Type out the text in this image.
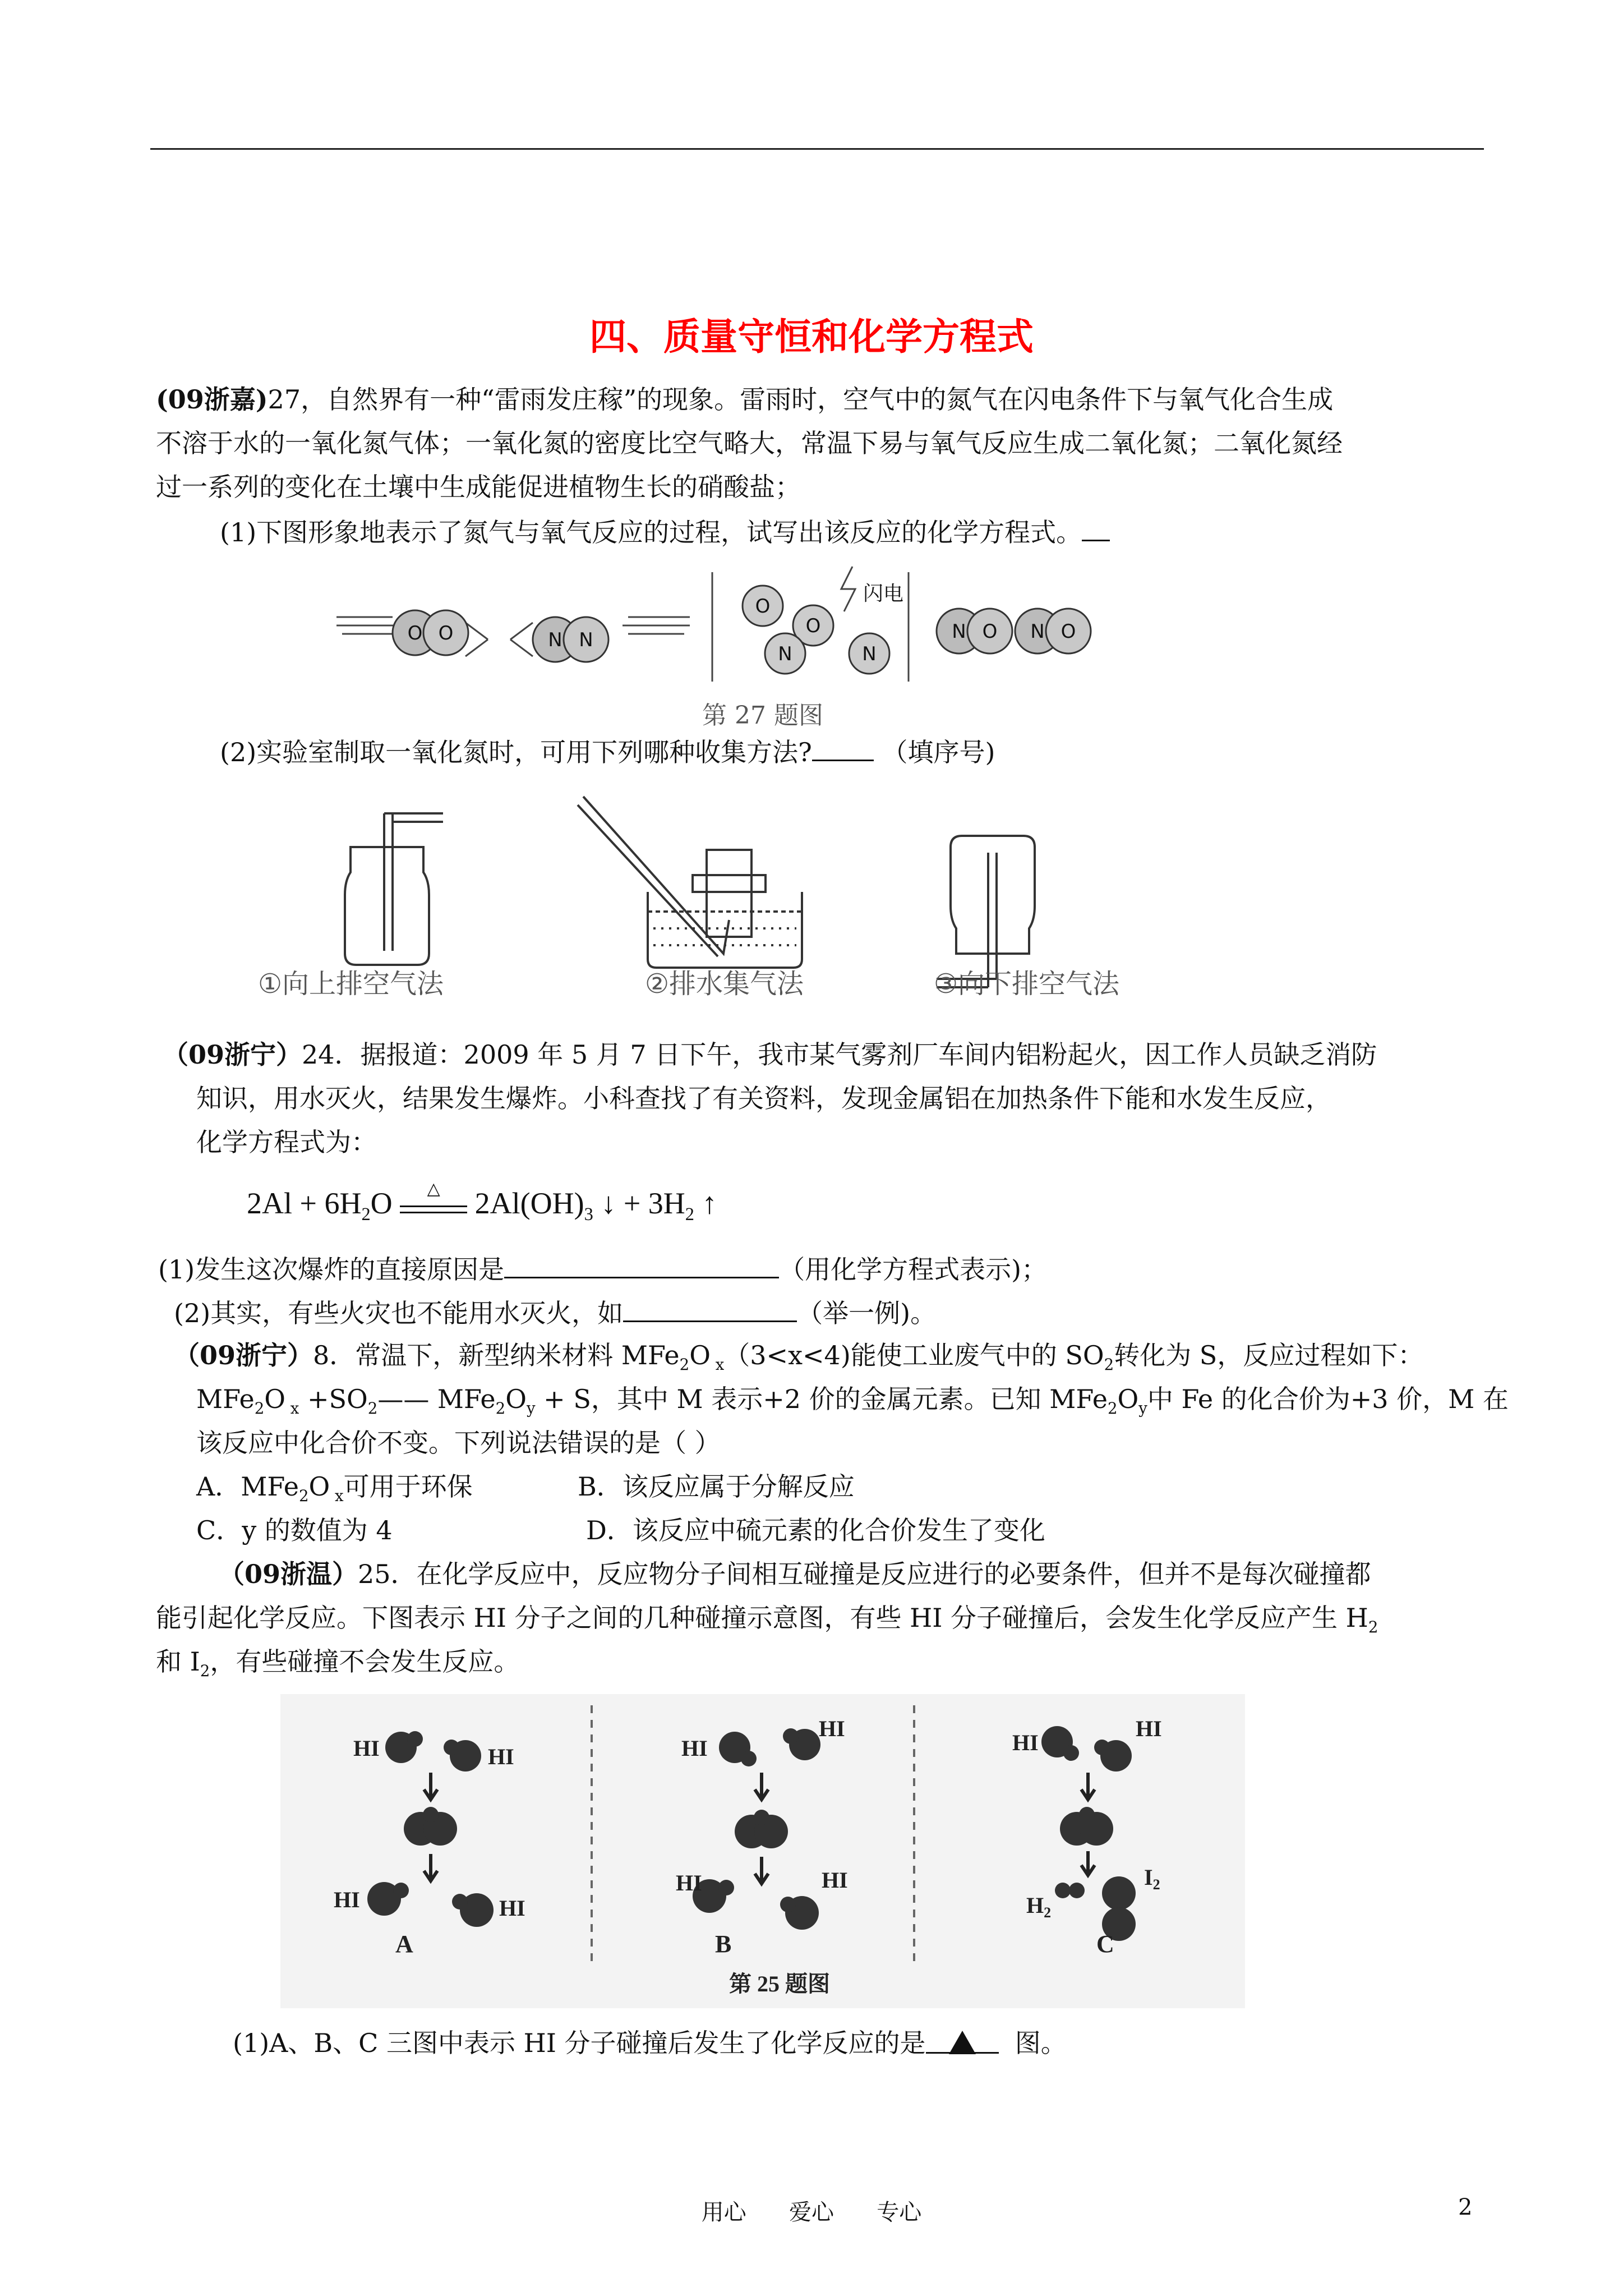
四、质量守恒和化学方程式
(09浙嘉)27，自然界有一种“雷雨发庄稼”的现象。雷雨时，空气中的氮气在闪电条件下与氧气化合生成
不溶于水的一氧化氮气体；一氧化氮的密度比空气略大，常温下易与氧气反应生成二氧化氮；二氧化氮经
过一系列的变化在土壤中生成能促进植物生长的硝酸盐；
(1)下图形象地表示了氮气与氧气反应的过程，试写出该反应的化学方程式。
O O	N N
O
O
N	N
N O N O
闪电
第 27 题图
(2)实验室制取一氧化氮时，可用下列哪种收集方法?	（填序号)
①向上排空气法	②排水集气法	③向下排空气法
（09浙宁）24．据报道：2009 年 5 月 7 日下午，我市某气雾剂厂车间内铝粉起火，因工作人员缺乏消防
知识，用水灭火，结果发生爆炸。小科查找了有关资料，发现金属铝在加热条件下能和水发生反应，
化学方程式为：
$2Al + 6H_2O$	△	$2Al(OH)_3$ ↓ + $3H_2$ ↑
(1)发生这次爆炸的直接原因是	（用化学方程式表示)；
(2)其实，有些火灾也不能用水灭火，如	（举一例)。
（09浙宁）8．常温下，新型纳米材料 MFe$_2$O $_x$（3<x<4)能使工业废气中的 $SO_2$转化为 S，反应过程如下：
MFe$_2$O $_x +SO_2——$ $MFe_2O_y + S$，其中 M 表示+2 价的金属元素。已知 $MFe_2O_y$中 Fe 的化合价为+3 价，M 在
该反应中化合价不变。下列说法错误的是（ ）
A．MFe$_2$O $_x$可用于环保	B．该反应属于分解反应
C．y 的数值为 4	D．该反应中硫元素的化合价发生了变化
（09浙温）25．在化学反应中，反应物分子间相互碰撞是反应进行的必要条件，但并不是每次碰撞都
能引起化学反应。下图表示 HI 分子之间的几种碰撞示意图，有些 HI 分子碰撞后，会发生化学反应产生 $H_2$
和 $I_2$，有些碰撞不会发生反应。
HI	HI
HI	HI
HI
HI
HI	HI
HI
HI
$H_2$
$I_2$
A	B	C
第 25 题图
(1)A、B、C 三图中表示 HI 分子碰撞后发生了化学反应的是	图。
用心      爱心      专心	2
